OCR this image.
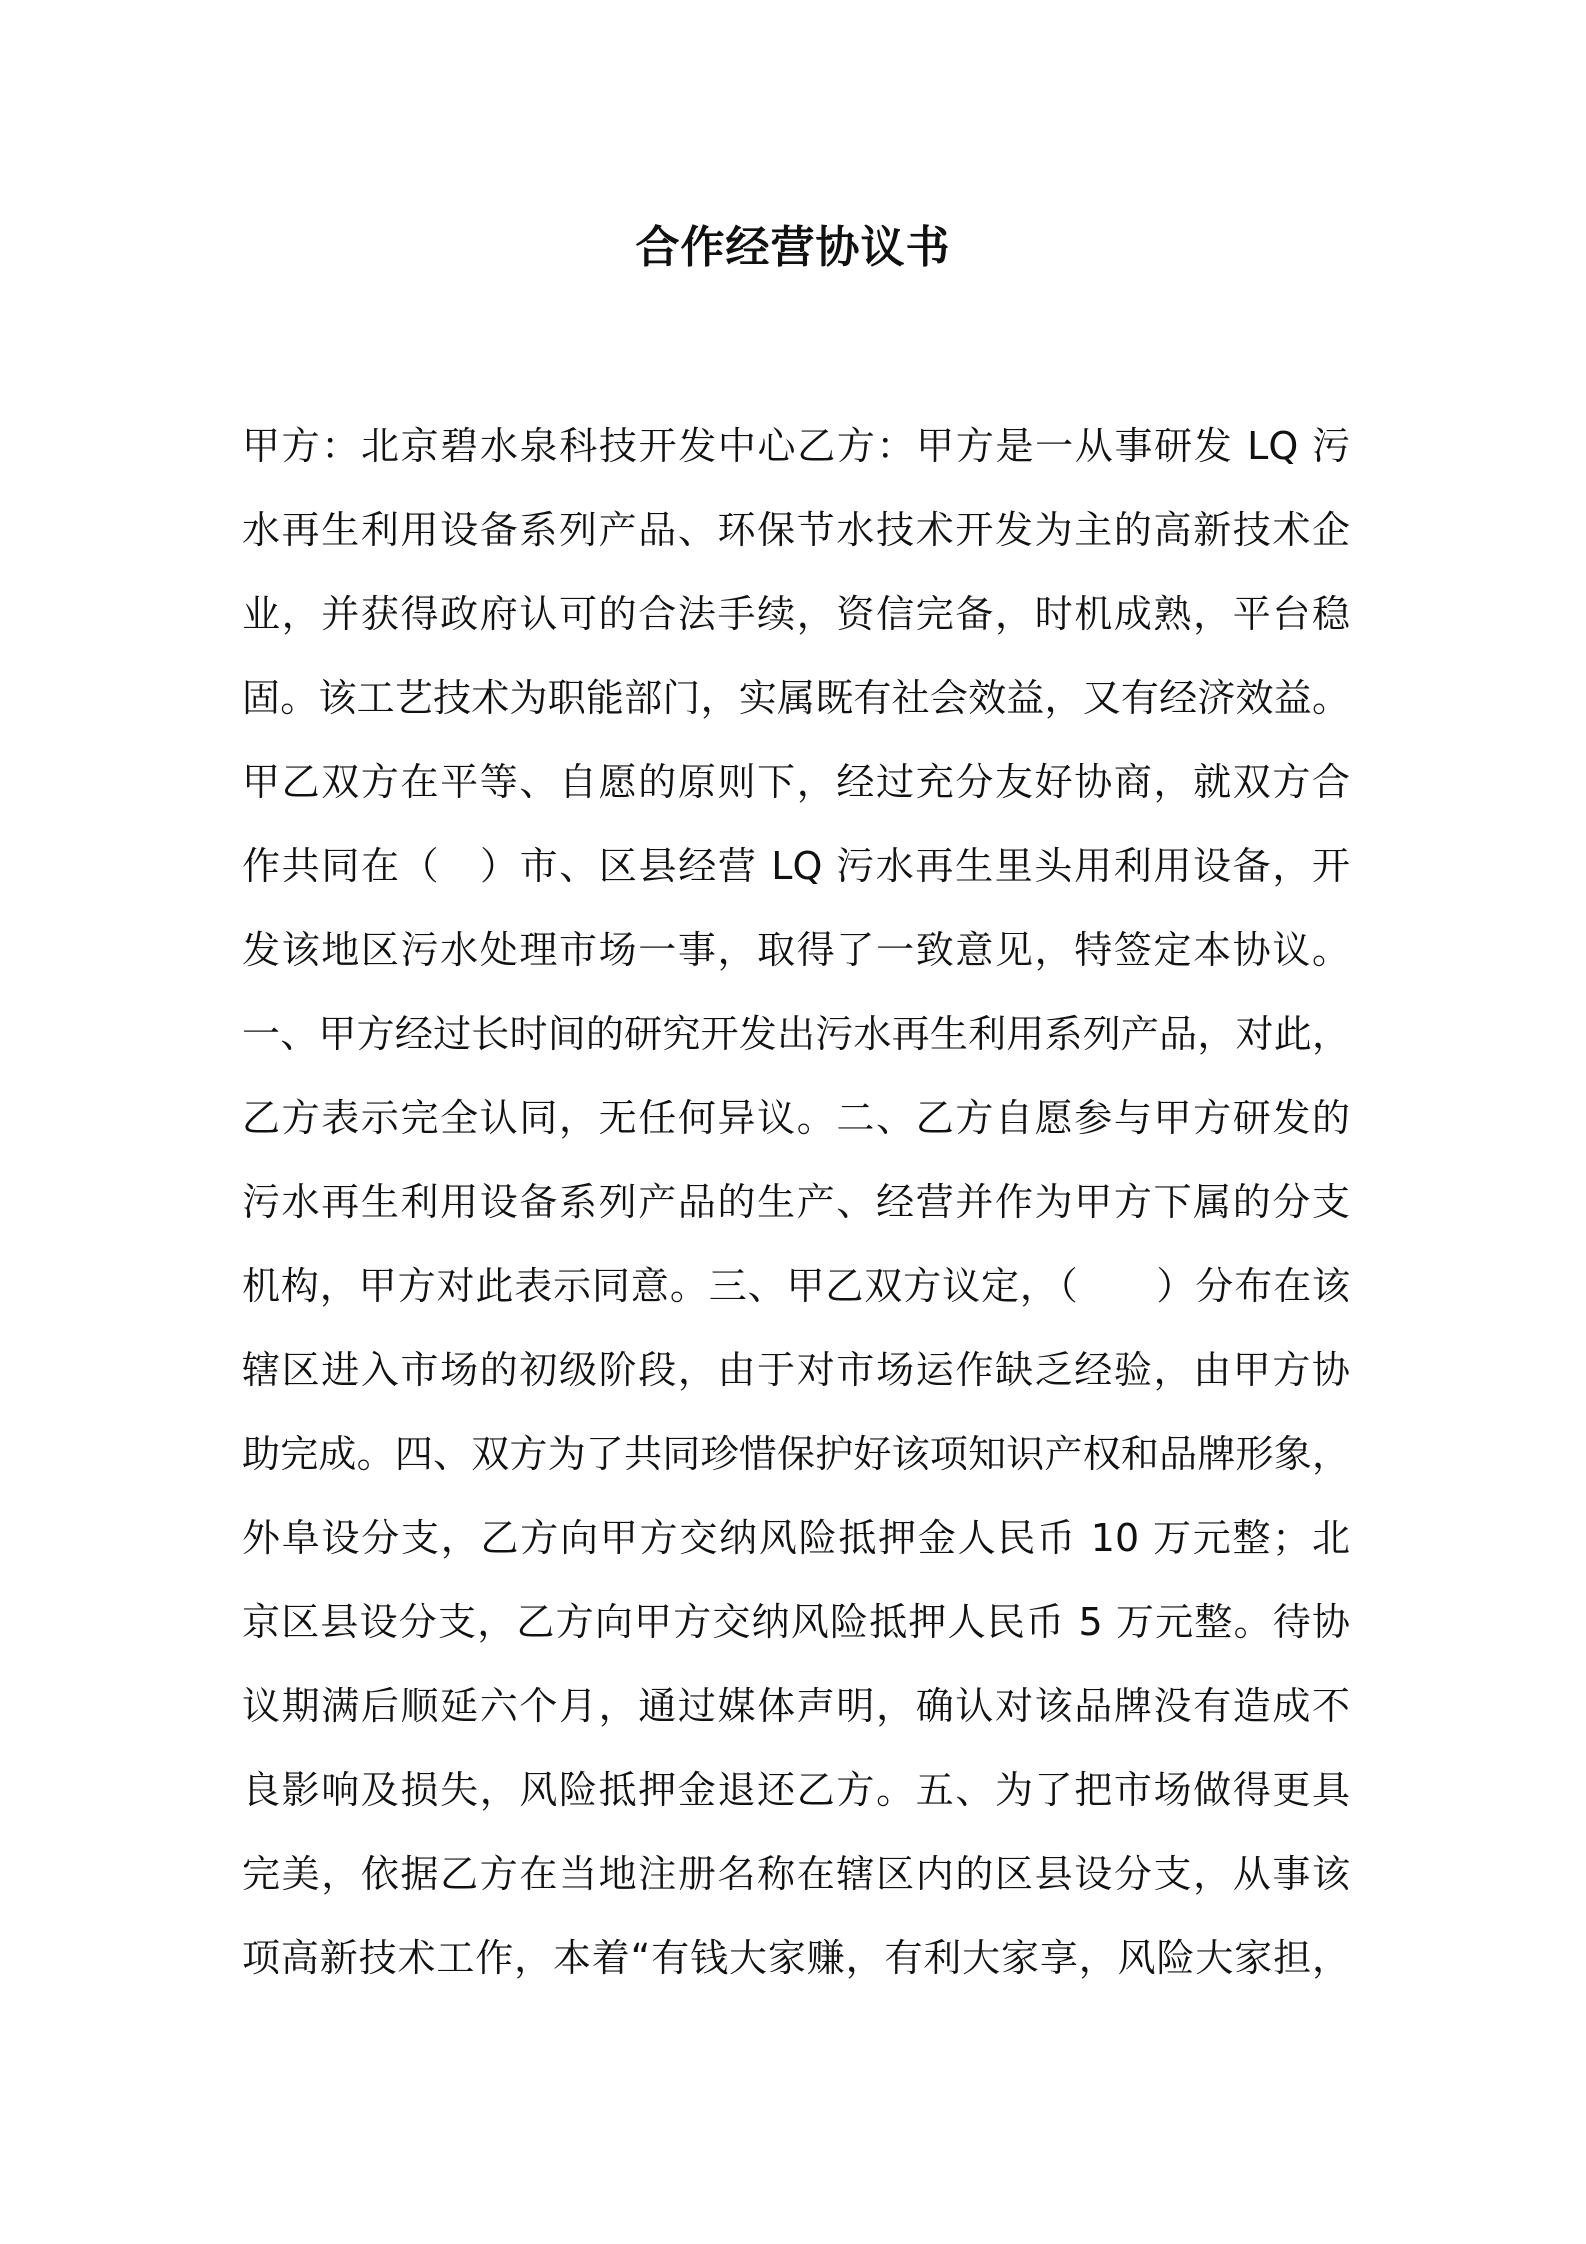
合作经营协议书
甲方：北京碧水泉科技开发中心乙方：甲方是一从事研发 LQ 污
水再生利用设备系列产品、环保节水技术开发为主的高新技术企
业，并获得政府认可的合法手续，资信完备，时机成熟，平台稳
固。该工艺技术为职能部门，实属既有社会效益，又有经济效益。
甲乙双方在平等、自愿的原则下，经过充分友好协商，就双方合
作共同在（　）市、区县经营 LQ 污水再生里头用利用设备，开
发该地区污水处理市场一事，取得了一致意见，特签定本协议。
一、甲方经过长时间的研究开发出污水再生利用系列产品，对此，
乙方表示完全认同，无任何异议。二、乙方自愿参与甲方研发的
污水再生利用设备系列产品的生产、经营并作为甲方下属的分支
机构，甲方对此表示同意。三、甲乙双方议定，（　　）分布在该
辖区进入市场的初级阶段，由于对市场运作缺乏经验，由甲方协
助完成。四、双方为了共同珍惜保护好该项知识产权和品牌形象，
外阜设分支，乙方向甲方交纳风险抵押金人民币 10 万元整；北
京区县设分支，乙方向甲方交纳风险抵押人民币 5 万元整。待协
议期满后顺延六个月，通过媒体声明，确认对该品牌没有造成不
良影响及损失，风险抵押金退还乙方。五、为了把市场做得更具
完美，依据乙方在当地注册名称在辖区内的区县设分支，从事该
项高新技术工作，本着“有钱大家赚，有利大家享，风险大家担，
